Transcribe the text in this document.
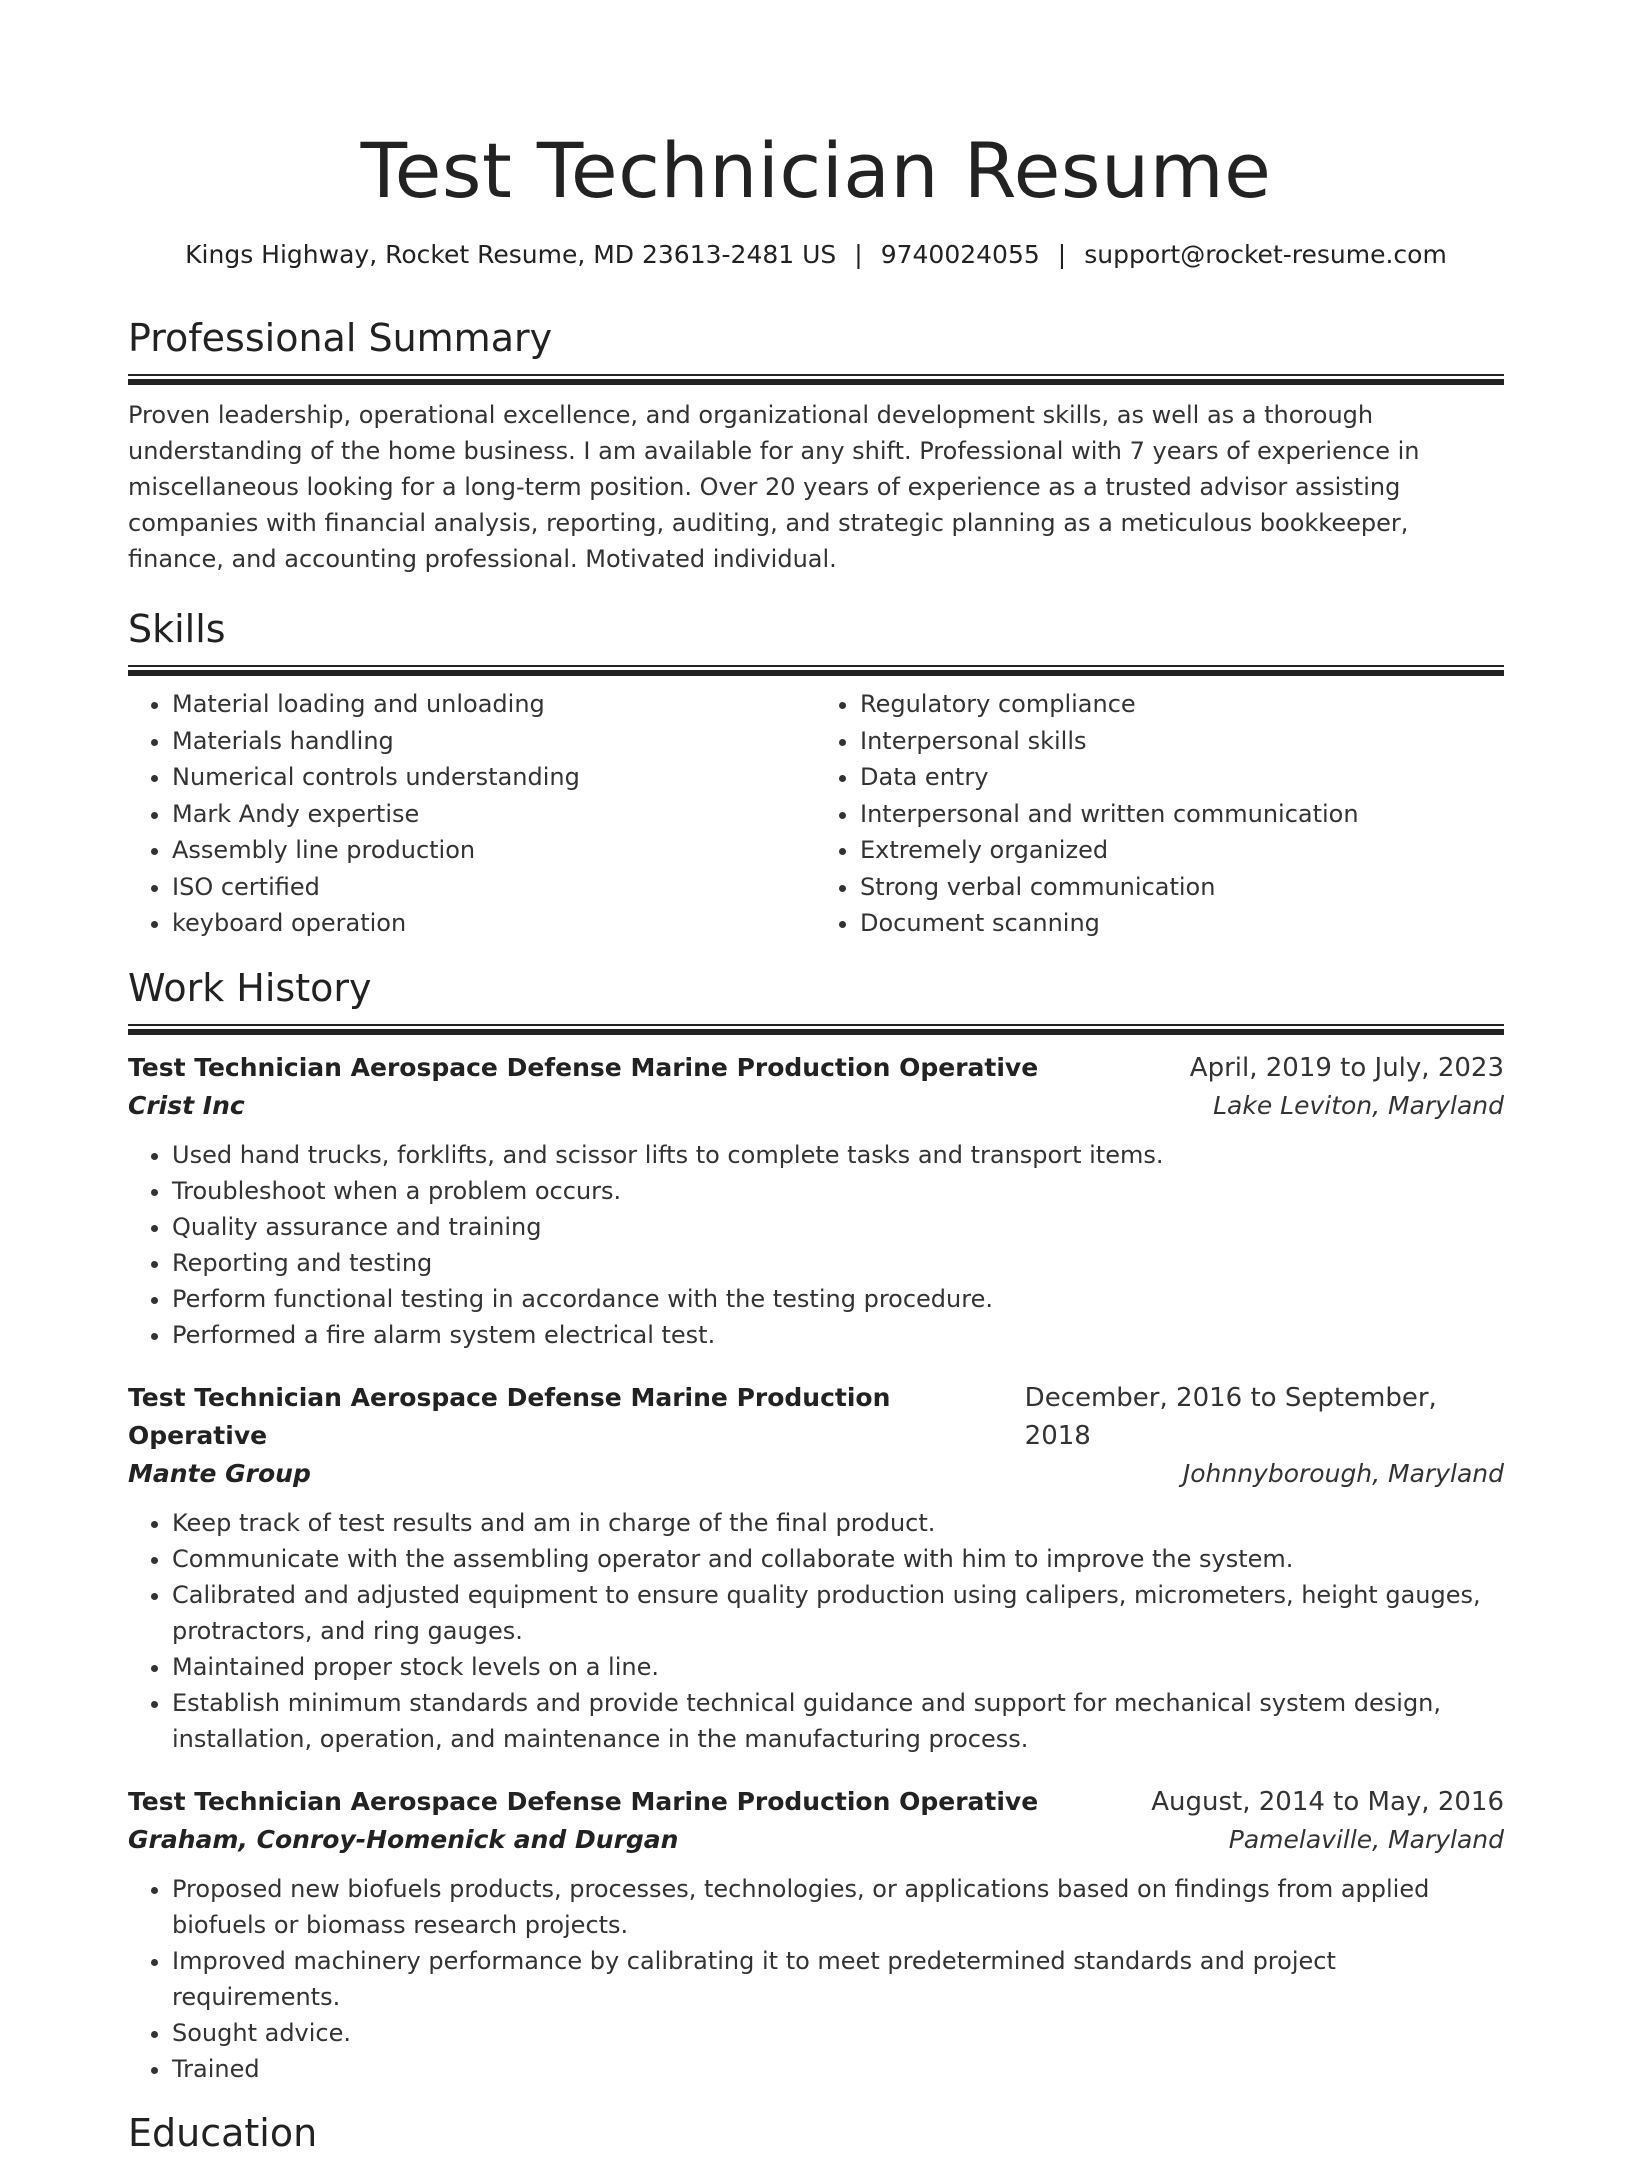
Test Technician Resume
Kings Highway, Rocket Resume, MD 23613-2481 US | 9740024055 | support@rocket-resume.com
Professional Summary

Proven leadership, operational excellence, and organizational development skills, as well as a thorough understanding of the home business. I am available for any shift. Professional with 7 years of experience in miscellaneous looking for a long-term position. Over 20 years of experience as a trusted advisor assisting companies with financial analysis, reporting, auditing, and strategic planning as a meticulous bookkeeper, finance, and accounting professional. Motivated individual.

Skills
• Material loading and unloading
• Materials handling
• Numerical controls understanding
• Mark Andy expertise
• Assembly line production
• ISO certified
• keyboard operation
• Regulatory compliance
• Interpersonal skills
• Data entry
• Interpersonal and written communication
• Extremely organized
• Strong verbal communication
• Document scanning
Work History
Test Technician Aerospace Defense Marine Production Operative	April, 2019 to July, 2023
Crist Inc	Lake Leviton, Maryland
• Used hand trucks, forklifts, and scissor lifts to complete tasks and transport items.
• Troubleshoot when a problem occurs.
• Quality assurance and training
• Reporting and testing
• Perform functional testing in accordance with the testing procedure.
• Performed a fire alarm system electrical test.
Test Technician Aerospace Defense Marine Production Operative
December, 2016 to September, 2018
Mante Group	Johnnyborough, Maryland
• Keep track of test results and am in charge of the final product.
• Communicate with the assembling operator and collaborate with him to improve the system.
• Calibrated and adjusted equipment to ensure quality production using calipers, micrometers, height gauges, protractors, and ring gauges.
• Maintained proper stock levels on a line.
• Establish minimum standards and provide technical guidance and support for mechanical system design, installation, operation, and maintenance in the manufacturing process.
Test Technician Aerospace Defense Marine Production Operative	August, 2014 to May, 2016
Graham, Conroy-Homenick and Durgan	Pamelaville, Maryland
• Proposed new biofuels products, processes, technologies, or applications based on findings from applied biofuels or biomass research projects.
• Improved machinery performance by calibrating it to meet predetermined standards and project requirements.
• Sought advice.
• Trained
Education
